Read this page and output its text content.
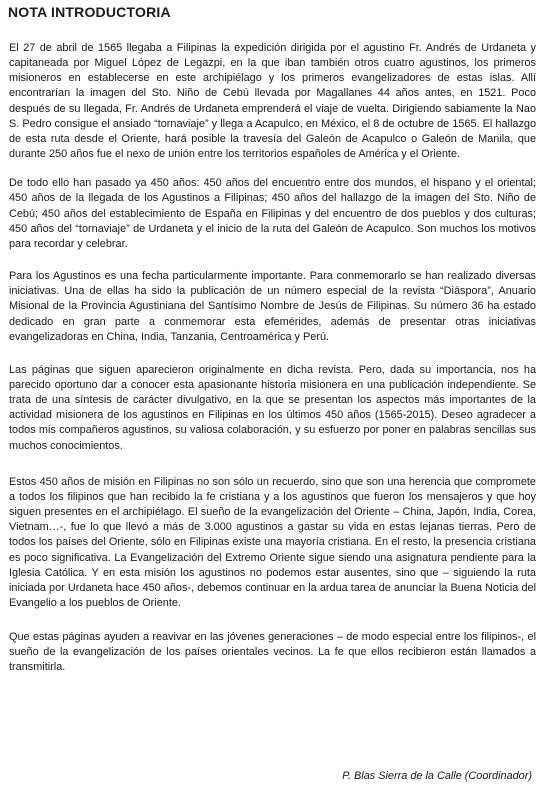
NOTA INTRODUCTORIA

El 27 de abril de 1565 llegaba a Filipinas la expedición dirigida por el agustino Fr. Andrés de Urdaneta y capitaneada por Miguel López de Legazpi, en la que iban también otros cuatro agustinos, los primeros misioneros en establecerse en este archipiélago y los primeros evangelizadores de estas islas. Allí encontrarían la imagen del Sto. Niño de Cebú llevada por Magallanes 44 años antes, en 1521. Poco después de su llegada, Fr. Andrés de Urdaneta emprenderá el viaje de vuelta. Dirigiendo sabiamente la Nao S. Pedro consigue el ansiado “tornaviaje” y llega a Acapulco, en México, el 8 de octubre de 1565. El hallazgo de esta ruta desde el Oriente, hará posible la travesía del Galeón de Acapulco o Galeón de Manila, que durante 250 años fue el nexo de unión entre los territorios españoles de América y el Oriente.

De todo ello han pasado ya 450 años: 450 años del encuentro entre dos mundos, el hispano y el oriental; 450 años de la llegada de los Agustinos a Filipinas; 450 años del hallazgo de la imagen del Sto. Niño de Cebú; 450 años del establecimiento de España en Filipinas y del encuentro de dos pueblos y dos culturas; 450 años del “tornaviaje” de Urdaneta y el inicio de la ruta del Galeón de Acapulco. Son muchos los motivos para recordar y celebrar.

Para los Agustinos es una fecha particularmente importante. Para conmemorarlo se han realizado diversas iniciativas. Una de ellas ha sido la publicación de un número especial de la revista “Diáspora”, Anuario Misional de la Provincia Agustiniana del Santísimo Nombre de Jesús de Filipinas. Su número 36 ha estado dedicado en gran parte a conmemorar esta efemérides, además de presentar otras iniciativas evangelizadoras en China, India, Tanzania, Centroamérica y Perú.

Las páginas que siguen aparecieron originalmente en dicha revista. Pero, dada su importancia, nos ha parecido oportuno dar a conocer esta apasionante historia misionera en una publicación independiente. Se trata de una síntesis de carácter divulgativo, en la que se presentan los aspectos más importantes de la actividad misionera de los agustinos en Filipinas en los últimos 450 años (1565-2015). Deseo agradecer a todos mis compañeros agustinos, su valiosa colaboración, y su esfuerzo por poner en palabras sencillas sus muchos conocimientos.

Estos 450 años de misión en Filipinas no son sólo un recuerdo, sino que son una herencia que compromete a todos los filipinos que han recibido la fe cristiana y a los agustinos que fueron los mensajeros y que hoy siguen presentes en el archipiélago. El sueño de la evangelización del Oriente – China, Japón, India, Corea, Vietnam…-, fue lo que llevó a más de 3.000 agustinos a gastar su vida en estas lejanas tierras. Pero de todos los países del Oriente, sólo en Filipinas existe una mayoría cristiana. En el resto, la presencia cristiana es poco significativa. La Evangelización del Extremo Oriente sigue siendo una asignatura pendiente para la Iglesia Católica. Y en esta misión los agustinos no podemos estar ausentes, sino que – siguiendo la ruta iniciada por Urdaneta hace 450 años-, debemos continuar en la ardua tarea de anunciar la Buena Noticia del Evangelio a los pueblos de Oriente.

Que estas páginas ayuden a reavivar en las jóvenes generaciones – de modo especial entre los filipinos-, el sueño de la evangelización de los países orientales vecinos. La fe que ellos recibieron están llamados a transmitirla.

P. Blas Sierra de la Calle (Coordinador)
